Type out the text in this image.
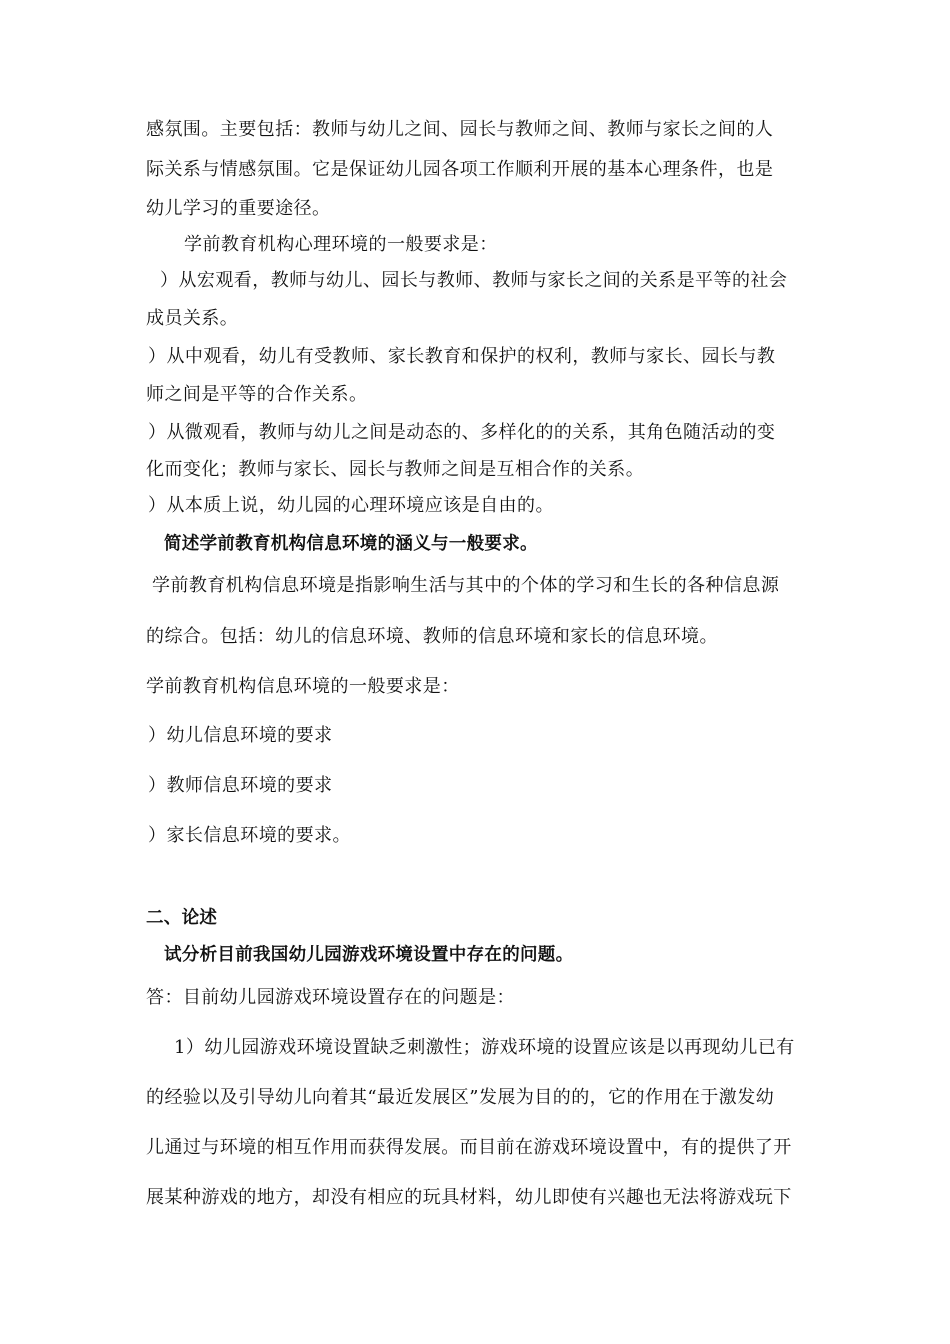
感氛围。主要包括：教师与幼儿之间、园长与教师之间、教师与家长之间的人
际关系与情感氛围。它是保证幼儿园各项工作顺利开展的基本心理条件，也是
幼儿学习的重要途径。
学前教育机构心理环境的一般要求是：
）从宏观看，教师与幼儿、园长与教师、教师与家长之间的关系是平等的社会
成员关系。
）从中观看，幼儿有受教师、家长教育和保护的权利，教师与家长、园长与教
师之间是平等的合作关系。
）从微观看，教师与幼儿之间是动态的、多样化的的关系，其角色随活动的变
化而变化；教师与家长、园长与教师之间是互相合作的关系。
）从本质上说，幼儿园的心理环境应该是自由的。
简述学前教育机构信息环境的涵义与一般要求。
学前教育机构信息环境是指影响生活与其中的个体的学习和生长的各种信息源
的综合。包括：幼儿的信息环境、教师的信息环境和家长的信息环境。
学前教育机构信息环境的一般要求是：
）幼儿信息环境的要求
）教师信息环境的要求
）家长信息环境的要求。
二、论述
试分析目前我国幼儿园游戏环境设置中存在的问题。
答：目前幼儿园游戏环境设置存在的问题是：
1）幼儿园游戏环境设置缺乏刺激性；游戏环境的设置应该是以再现幼儿已有
的经验以及引导幼儿向着其“最近发展区”发展为目的的，它的作用在于激发幼
儿通过与环境的相互作用而获得发展。而目前在游戏环境设置中，有的提供了开
展某种游戏的地方，却没有相应的玩具材料，幼儿即使有兴趣也无法将游戏玩下
